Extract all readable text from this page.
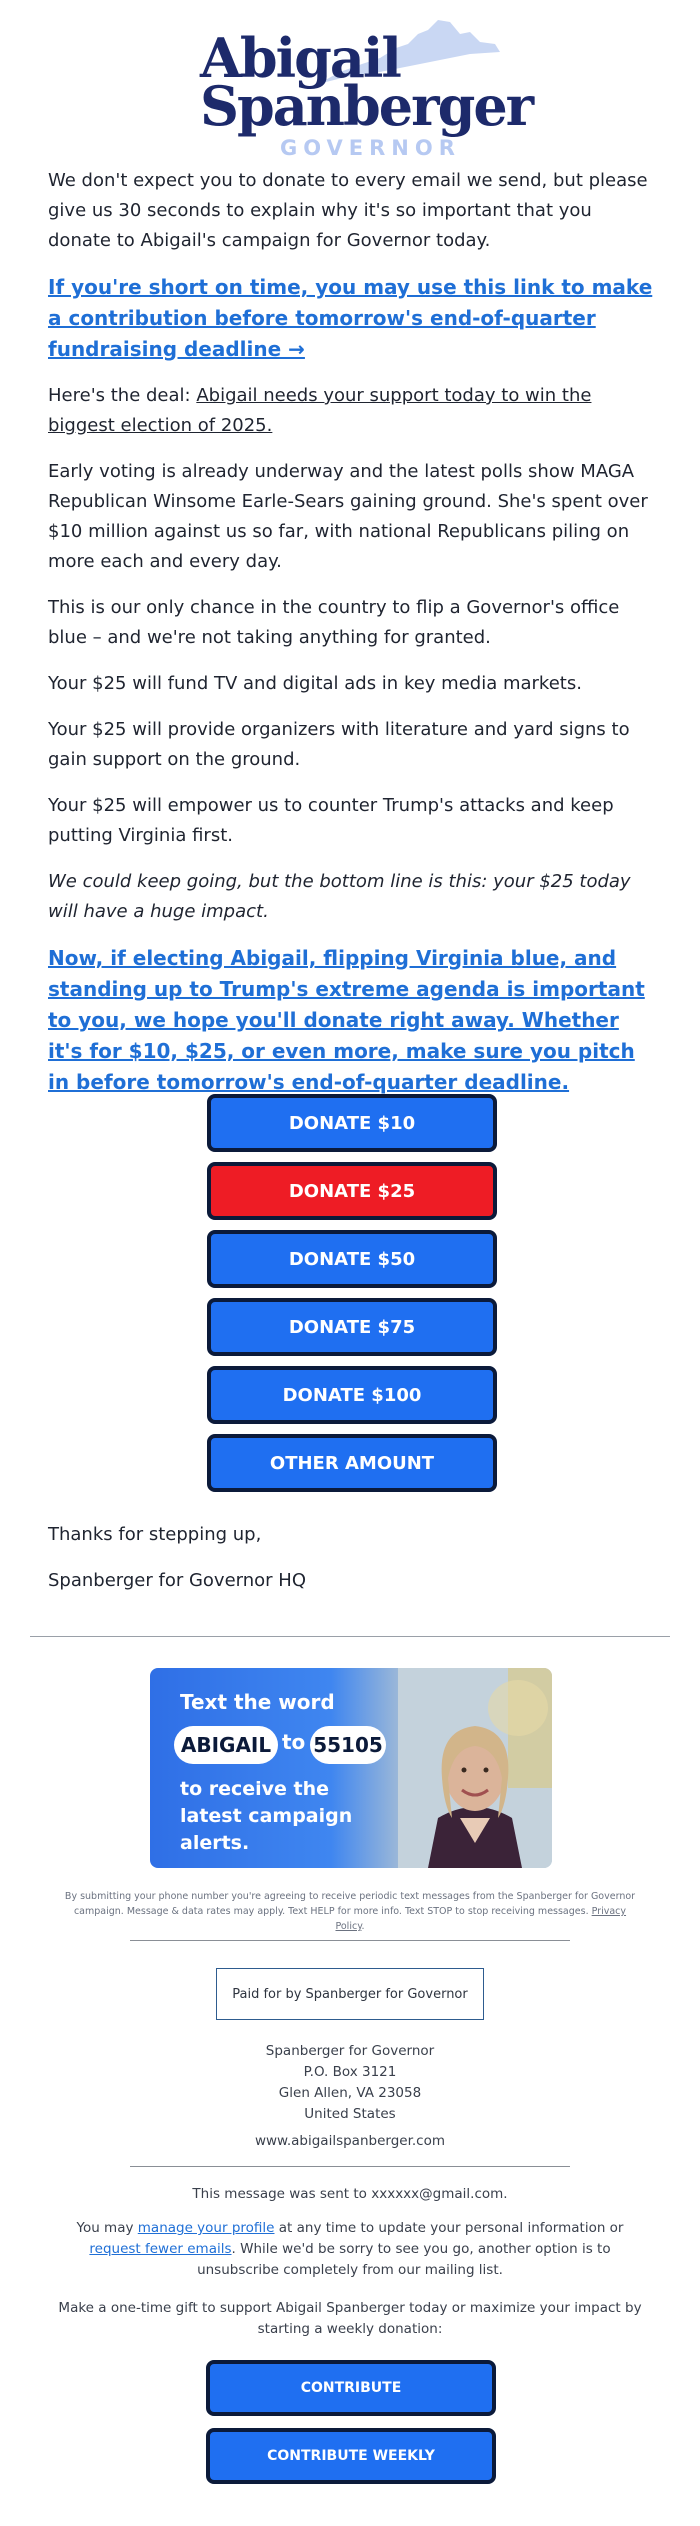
Abigail
Spanberger
GOVERNOR

We don't expect you to donate to every email we send, but please give us 30 seconds to explain why it's so important that you donate to Abigail's campaign for Governor today.

If you're short on time, you may use this link to make a contribution before tomorrow's end-of-quarter fundraising deadline →

Here's the deal: Abigail needs your support today to win the biggest election of 2025.

Early voting is already underway and the latest polls show MAGA Republican Winsome Earle-Sears gaining ground. She's spent over $10 million against us so far, with national Republicans piling on more each and every day.

This is our only chance in the country to flip a Governor's office blue – and we're not taking anything for granted.

Your $25 will fund TV and digital ads in key media markets.

Your $25 will provide organizers with literature and yard signs to gain support on the ground.

Your $25 will empower us to counter Trump's attacks and keep putting Virginia first.

We could keep going, but the bottom line is this: your $25 today will have a huge impact.

Now, if electing Abigail, flipping Virginia blue, and standing up to Trump's extreme agenda is important to you, we hope you'll donate right away. Whether it's for $10, $25, or even more, make sure you pitch in before tomorrow's end-of-quarter deadline.

DONATE $10
DONATE $25
DONATE $50
DONATE $75
DONATE $100
OTHER AMOUNT

Thanks for stepping up,

Spanberger for Governor HQ

Text the word
ABIGAIL to 55105
to receive the latest campaign alerts.
By submitting your phone number you're agreeing to receive periodic text messages from the Spanberger for Governor campaign. Message & data rates may apply. Text HELP for more info. Text STOP to stop receiving messages. Privacy Policy.
Paid for by Spanberger for Governor
Spanberger for Governor
P.O. Box 3121
Glen Allen, VA 23058
United States
www.abigailspanberger.com
This message was sent to xxxxxx@gmail.com.
You may manage your profile at any time to update your personal information or request fewer emails. While we'd be sorry to see you go, another option is to unsubscribe completely from our mailing list.
Make a one-time gift to support Abigail Spanberger today or maximize your impact by starting a weekly donation:
CONTRIBUTE
CONTRIBUTE WEEKLY
